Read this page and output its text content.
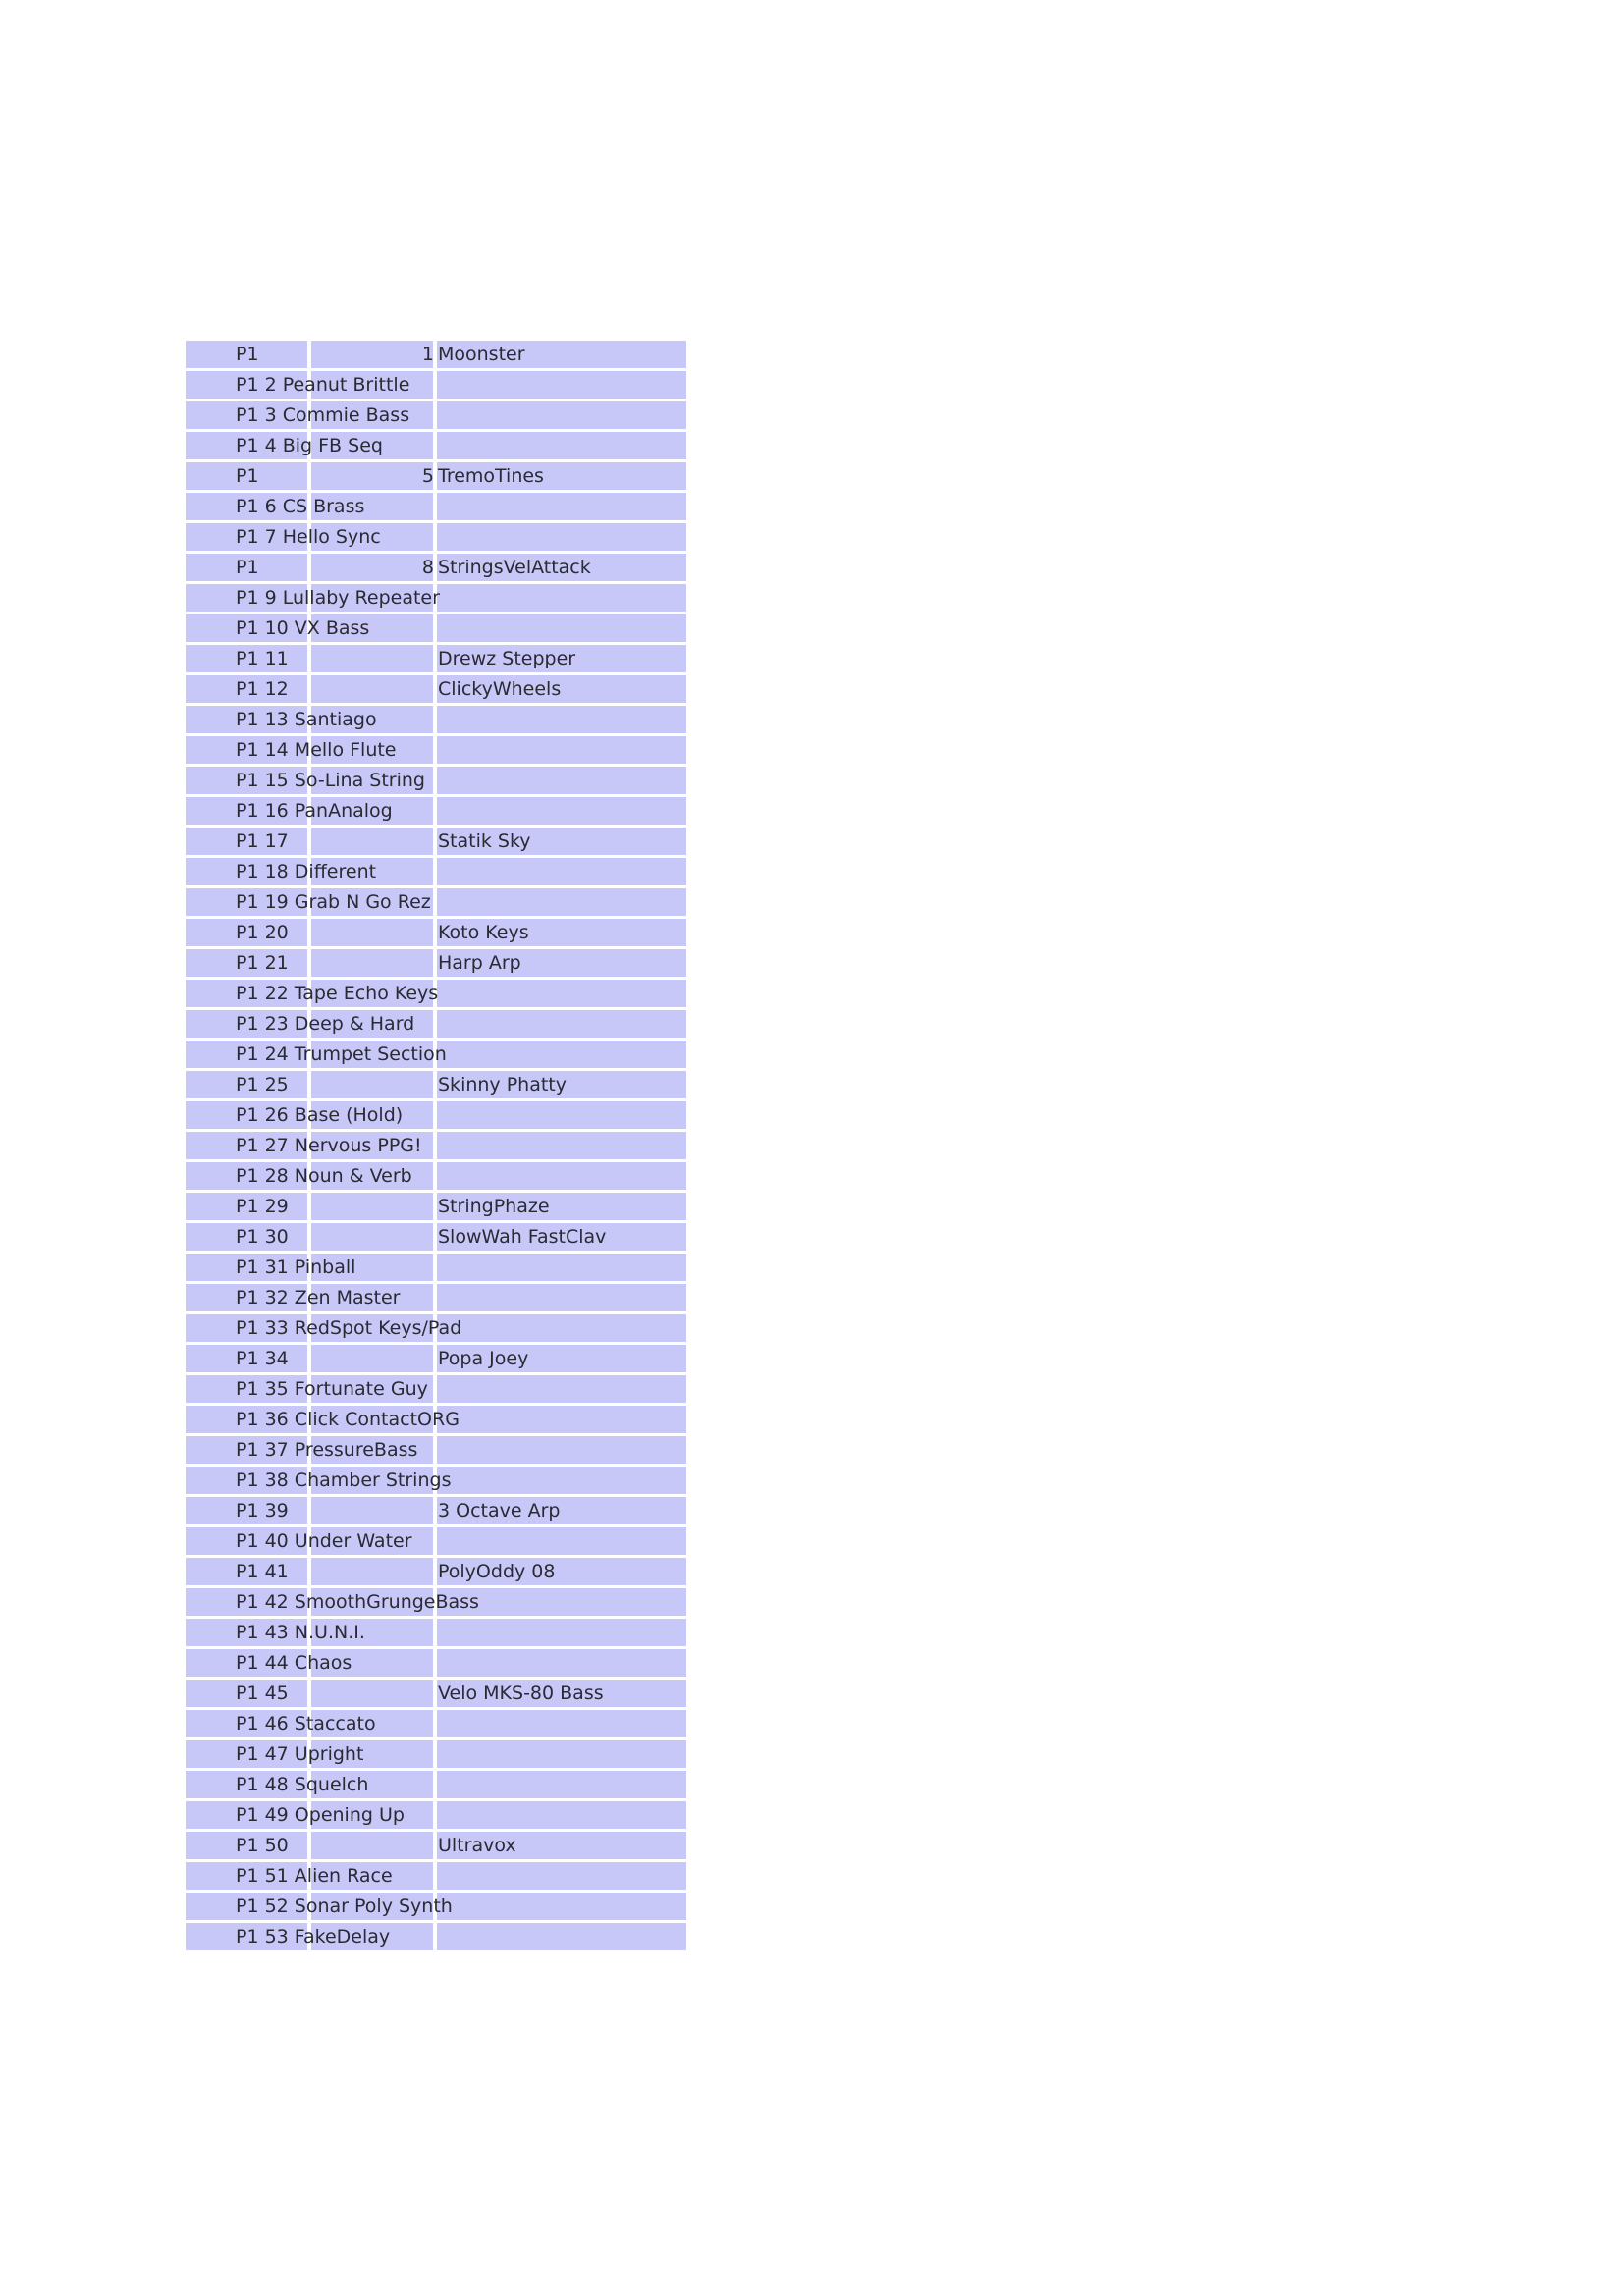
P1	1 Moonster
P1 2 Peanut Brittle
P1 3 Commie Bass
P1 4 Big FB Seq
P1	5 TremoTines
P1 6 CS Brass
P1 7 Hello Sync
P1	8 StringsVelAttack
P1 9 Lullaby Repeater
P1 10 VX Bass
P1 11	Drewz Stepper
P1 12	ClickyWheels
P1 13 Santiago
P1 14 Mello Flute
P1 15 So-Lina String
P1 16 PanAnalog
P1 17	Statik Sky
P1 18 Different
P1 19 Grab N Go Rez
P1 20	Koto Keys
P1 21	Harp Arp
P1 22 Tape Echo Keys
P1 23 Deep & Hard
P1 24 Trumpet Section
P1 25	Skinny Phatty
P1 26 Base (Hold)
P1 27 Nervous PPG!
P1 28 Noun & Verb
P1 29	StringPhaze
P1 30	SlowWah FastClav
P1 31 Pinball
P1 32 Zen Master
P1 33 RedSpot Keys/Pad
P1 34	Popa Joey
P1 35 Fortunate Guy
P1 36 Click ContactORG
P1 37 PressureBass
P1 38 Chamber Strings
P1 39	3 Octave Arp
P1 40 Under Water
P1 41	PolyOddy 08
P1 42 SmoothGrungeBass
P1 43 N.U.N.I.
P1 44 Chaos
P1 45	Velo MKS-80 Bass
P1 46 Staccato
P1 47 Upright
P1 48 Squelch
P1 49 Opening Up
P1 50	Ultravox
P1 51 Alien Race
P1 52 Sonar Poly Synth
P1 53 FakeDelay
